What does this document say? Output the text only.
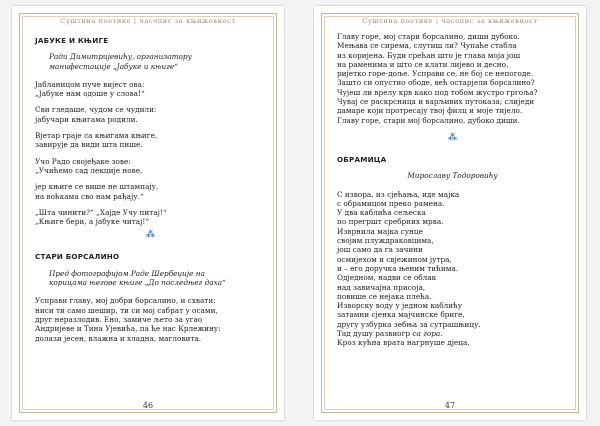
Суштина поетике | часопис за књижевност

ЈАБУКЕ И КЊИГЕ

Ради Димитријевићу, организатору

манифестације „Јабуке и књиге“

Јабланицом пуче вијест ова:

„Јабуке нам одоше у слова!“

Сви гледаше, чудом се чудили:

јабучари књигама родили.

Вјетар граје са књигама књиге,

завирује да види шта пише.

Учо Радо својеђаке зове:

„Учићемо сад лекције нове,

јер књиге се више не штампају,

на воћкама сво нам рађају.“

„Шта чинити?“ „Хајде Учу питај!“

„Књиге бери, а јабуке читај!“

⁂

СТАРИ БОРСАЛИНО

Пред фотографијом Раде Шербеџије на

корицама његове књиге „До последњег даха“

Усправи главу, мој добри борсалино, и схвати:

ниси ти само шешир, ти си мој сабрат у осами,

друг неразлодив. Ено, замиче љето за угао

Андријеве и Тина Ујевића, па ће нас Крлежину:

долази јесен, влажна и хладна, магловита.

46
Суштина поетике | часопис за књижевност

Главу горе, мој стари борсалино, диши дубоко.

Мењава се сирема, слутиш ли? Чупаће стабла

из коријена. Буди срећан што је глава моја још

на раменима и што се клати лијево и десно,

ријетко горе-доље. Усправи се, не бој се непогоде.

Зашто си опустио ободе, већ остарјели борсалино?

Чујеш ли врелу крв како под тобом жустро гргоља?

Чувај се раскрсница и варљивих путоказа; слиједи

дамаре који протресају твој филц и моје тијело.

Главу горе, стари мој борсалино, дубоко диши.

⁂

ОБРАМИЦА

Мирославу Тодоровићу

С извора, из сјећања, иде мајка

с обрамицом преко рамена.

У два каблића сељеска

по прегршт сребрних мрва.

Изврнила мајка сунце

својим плуждраковцима,

још само да га зачини

осмијехом и свјежином јутра,

и – его доручка њеним тићима.

Одједном, надви се облак

над завичајна присоја,

повише се нејака плећа.

Изворску воду у једном каблићу

затамни сјенка мајчинске бриге,

другу узбурка зебња за сутрашњицу.

Тад душу развиогр са гора.

Кроз кућна врата нагрнуше дјеца,

47
